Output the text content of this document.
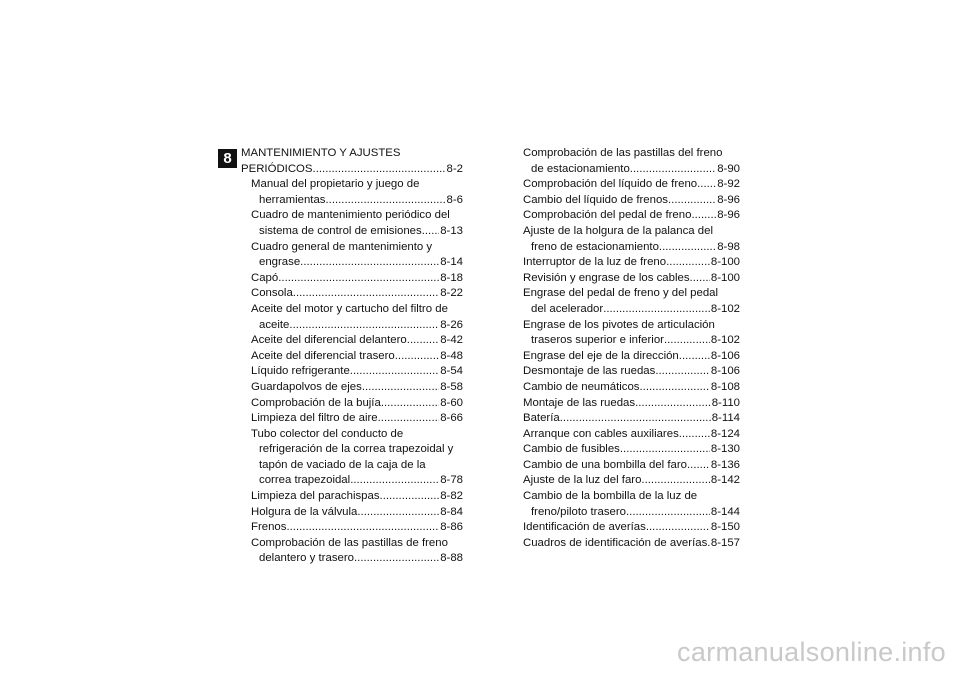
8 MANTENIMIENTO Y AJUSTES
PERIÓDICOS .....	8-2
Manual del propietario y juego de
herramientas .....	8-6
Cuadro de mantenimiento periódico del
sistema de control de emisiones ..... 8-13
Cuadro general de mantenimiento y
engrase .....	8-14
Capó .....	8-18
Consola .....	8-22
Aceite del motor y cartucho del filtro de
aceite .....	8-26
Aceite del diferencial delantero .....	8-42
Aceite del diferencial trasero .....	8-48
Líquido refrigerante .....	8-54
Guardapolvos de ejes .....	8-58
Comprobación de la bujía .....	8-60
Limpieza del filtro de aire .....	8-66
Tubo colector del conducto de
refrigeración de la correa trapezoidal y
tapón de vaciado de la caja de la
correa trapezoidal .....	8-78
Limpieza del parachispas .....	8-82
Holgura de la válvula .....	8-84
Frenos .....	8-86
Comprobación de las pastillas de freno
delantero y trasero .....	8-88
Comprobación de las pastillas del freno
de estacionamiento .....	8-90
Comprobación del líquido de freno ..... 8-92
Cambio del líquido de frenos .....	8-96
Comprobación del pedal de freno ..... 8-96
Ajuste de la holgura de la palanca del
freno de estacionamiento .....	8-98
Interruptor de la luz de freno .....	8-100
Revisión y engrase de los cables ..... 8-100
Engrase del pedal de freno y del pedal
del acelerador .....	8-102
Engrase de los pivotes de articulación
traseros superior e inferior .....	8-102
Engrase del eje de la dirección .....	8-106
Desmontaje de las ruedas .....	8-106
Cambio de neumáticos .....	8-108
Montaje de las ruedas .....	8-110
Batería .....	8-114
Arranque con cables auxiliares .....	8-124
Cambio de fusibles .....	8-130
Cambio de una bombilla del faro ..... 8-136
Ajuste de la luz del faro .....	8-142
Cambio de la bombilla de la luz de
freno/piloto trasero .....	8-144
Identificación de averías .....	8-150
Cuadros de identificación de averías ..... 8-157
carmanualsonline.info
